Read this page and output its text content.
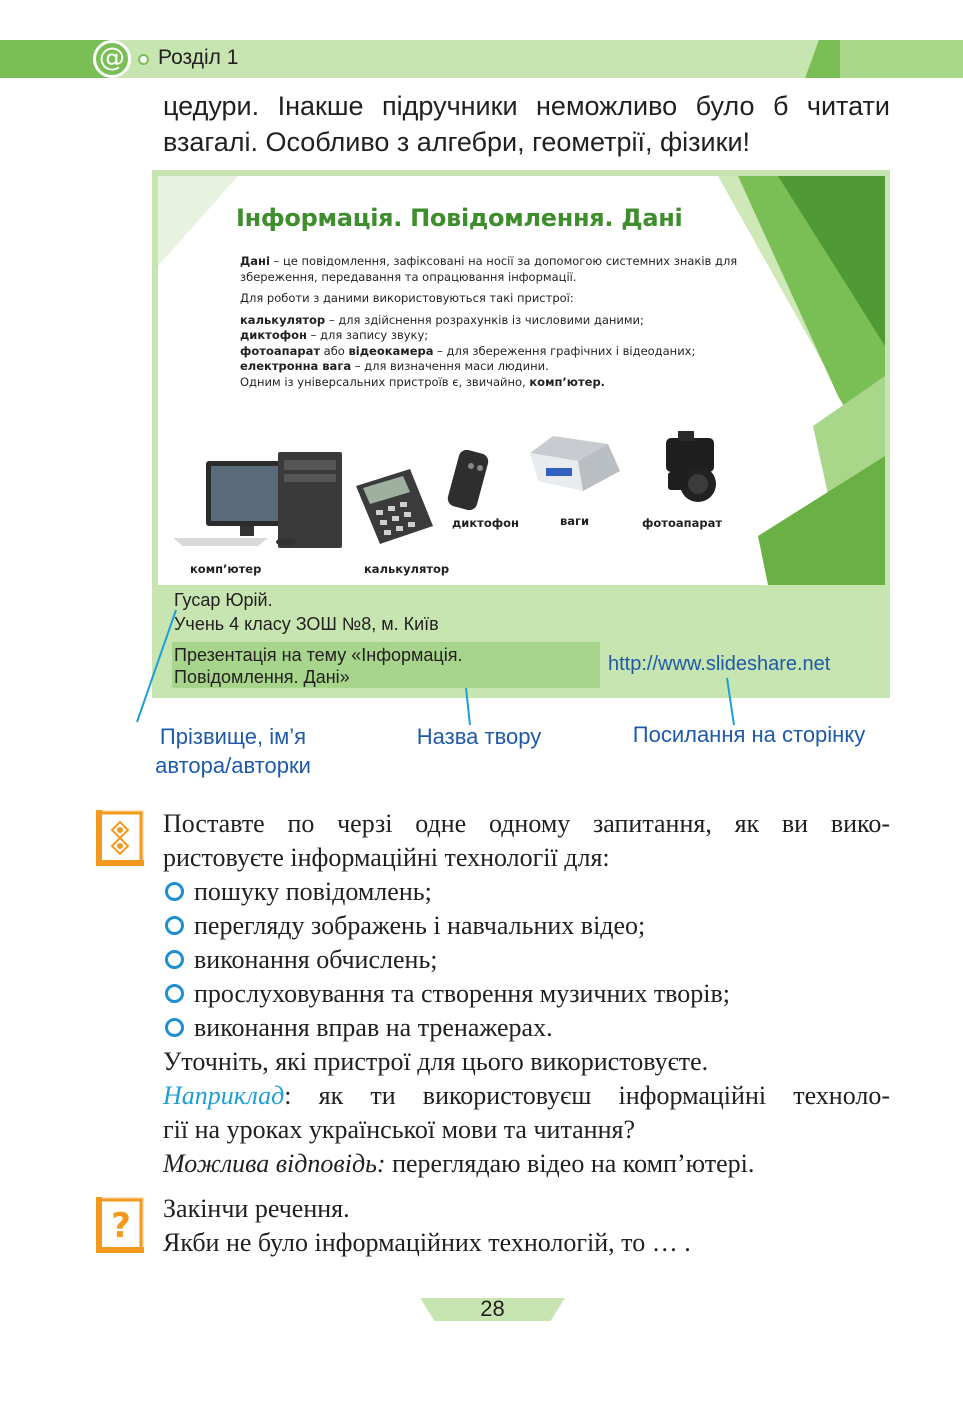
@ Розділ 1
цедури. Інакше підручники неможливо було б читати
взагалі. Особливо з алгебри, геометрії, фізики!
Інформація. Повідомлення. Дані

Дані – це повідомлення, зафіксовані на носії за допомогою системних знаків для збереження, передавання та опрацювання інформації.

Для роботи з даними використовуються такі пристрої:

калькулятор – для здійснення розрахунків із числовими даними;

диктофон – для запису звуку;

фотоапарат або відеокамера – для збереження графічних і відеоданих;

електронна вага – для визначення маси людини.

Одним із універсальних пристроїв є, звичайно, комп’ютер.

комп’ютер	калькулятор
диктофон	ваги	фотоапарат
Гусар Юрій.
Учень 4 класу ЗОШ №8, м. Київ
Презентація на тему «Інформація.
Повідомлення. Дані»
http://www.slideshare.net
Прізвище, ім’я
автора/авторки
Назва твору	Посилання на сторінку
Поставте по черзі одне одному запитання, як ви вико-
ристовуєте інформаційні технології для:
пошуку повідомлень;
перегляду зображень і навчальних відео;
виконання обчислень;
прослуховування та створення музичних творів;
виконання вправ на тренажерах.
Уточніть, які пристрої для цього використовуєте.
Наприклад: як ти використовуєш інформаційні техноло-
гії на уроках української мови та читання?
Можлива відповідь: переглядаю відео на комп’ютері.
? Закінчи речення.
Якби не було інформаційних технологій, то … .
28
